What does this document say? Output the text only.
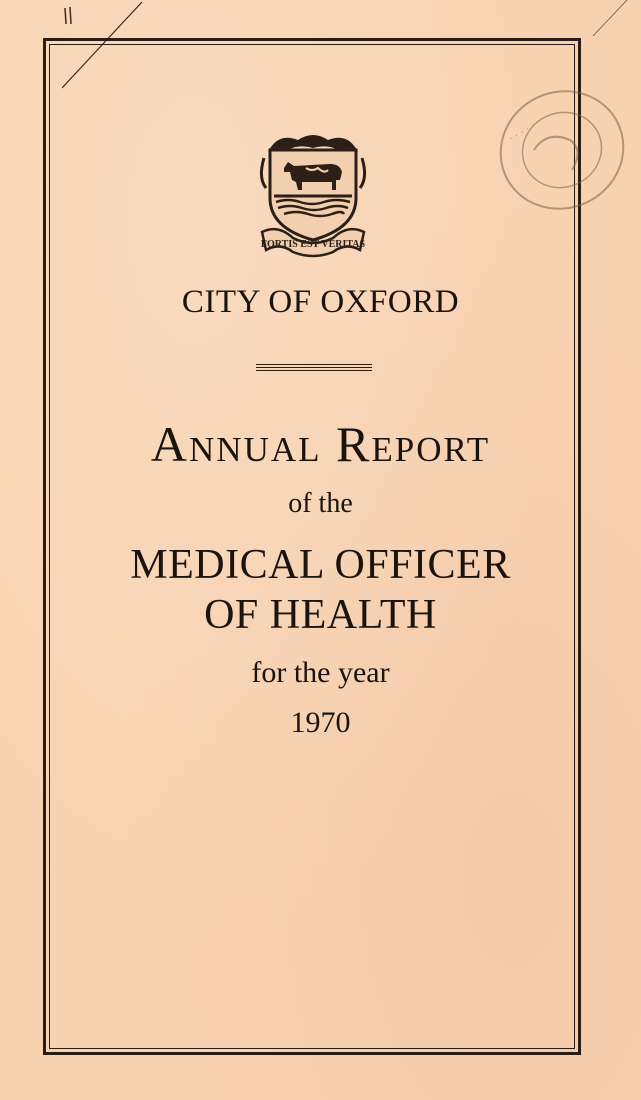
· · · · ·
FORTIS EST VERITAS
CITY OF OXFORD
Annual Report
of the
MEDICAL OFFICER
OF HEALTH
for the year
1970
